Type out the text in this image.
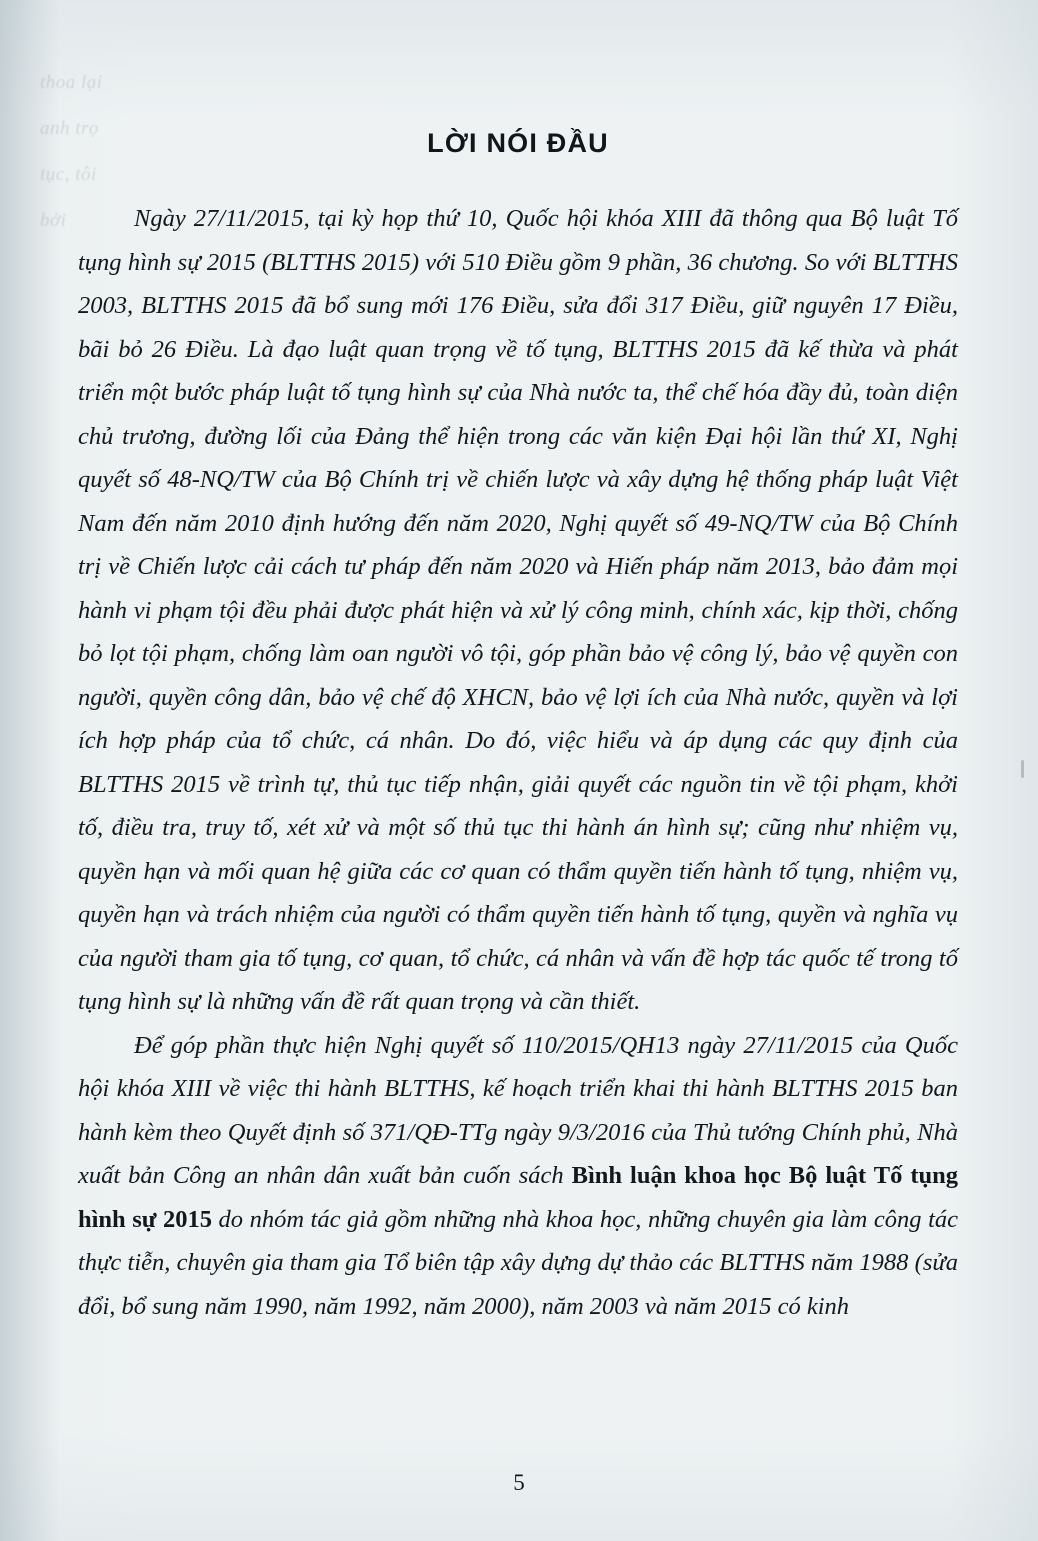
LỜI NÓI ĐẦU

Ngày 27/11/2015, tại kỳ họp thứ 10, Quốc hội khóa XIII đã thông qua Bộ luật Tố tụng hình sự 2015 (BLTTHS 2015) với 510 Điều gồm 9 phần, 36 chương. So với BLTTHS 2003, BLTTHS 2015 đã bổ sung mới 176 Điều, sửa đổi 317 Điều, giữ nguyên 17 Điều, bãi bỏ 26 Điều. Là đạo luật quan trọng về tố tụng, BLTTHS 2015 đã kế thừa và phát triển một bước pháp luật tố tụng hình sự của Nhà nước ta, thể chế hóa đầy đủ, toàn diện chủ trương, đường lối của Đảng thể hiện trong các văn kiện Đại hội lần thứ XI, Nghị quyết số 48-NQ/TW của Bộ Chính trị về chiến lược và xây dựng hệ thống pháp luật Việt Nam đến năm 2010 định hướng đến năm 2020, Nghị quyết số 49-NQ/TW của Bộ Chính trị về Chiến lược cải cách tư pháp đến năm 2020 và Hiến pháp năm 2013, bảo đảm mọi hành vi phạm tội đều phải được phát hiện và xử lý công minh, chính xác, kịp thời, chống bỏ lọt tội phạm, chống làm oan người vô tội, góp phần bảo vệ công lý, bảo vệ quyền con người, quyền công dân, bảo vệ chế độ XHCN, bảo vệ lợi ích của Nhà nước, quyền và lợi ích hợp pháp của tổ chức, cá nhân. Do đó, việc hiểu và áp dụng các quy định của BLTTHS 2015 về trình tự, thủ tục tiếp nhận, giải quyết các nguồn tin về tội phạm, khởi tố, điều tra, truy tố, xét xử và một số thủ tục thi hành án hình sự; cũng như nhiệm vụ, quyền hạn và mối quan hệ giữa các cơ quan có thẩm quyền tiến hành tố tụng, nhiệm vụ, quyền hạn và trách nhiệm của người có thẩm quyền tiến hành tố tụng, quyền và nghĩa vụ của người tham gia tố tụng, cơ quan, tổ chức, cá nhân và vấn đề hợp tác quốc tế trong tố tụng hình sự là những vấn đề rất quan trọng và cần thiết.

Để góp phần thực hiện Nghị quyết số 110/2015/QH13 ngày 27/11/2015 của Quốc hội khóa XIII về việc thi hành BLTTHS, kế hoạch triển khai thi hành BLTTHS 2015 ban hành kèm theo Quyết định số 371/QĐ-TTg ngày 9/3/2016 của Thủ tướng Chính phủ, Nhà xuất bản Công an nhân dân xuất bản cuốn sách Bình luận khoa học Bộ luật Tố tụng hình sự 2015 do nhóm tác giả gồm những nhà khoa học, những chuyên gia làm công tác thực tiễn, chuyên gia tham gia Tổ biên tập xây dựng dự thảo các BLTTHS năm 1988 (sửa đổi, bổ sung năm 1990, năm 1992, năm 2000), năm 2003 và năm 2015 có kinh

5
